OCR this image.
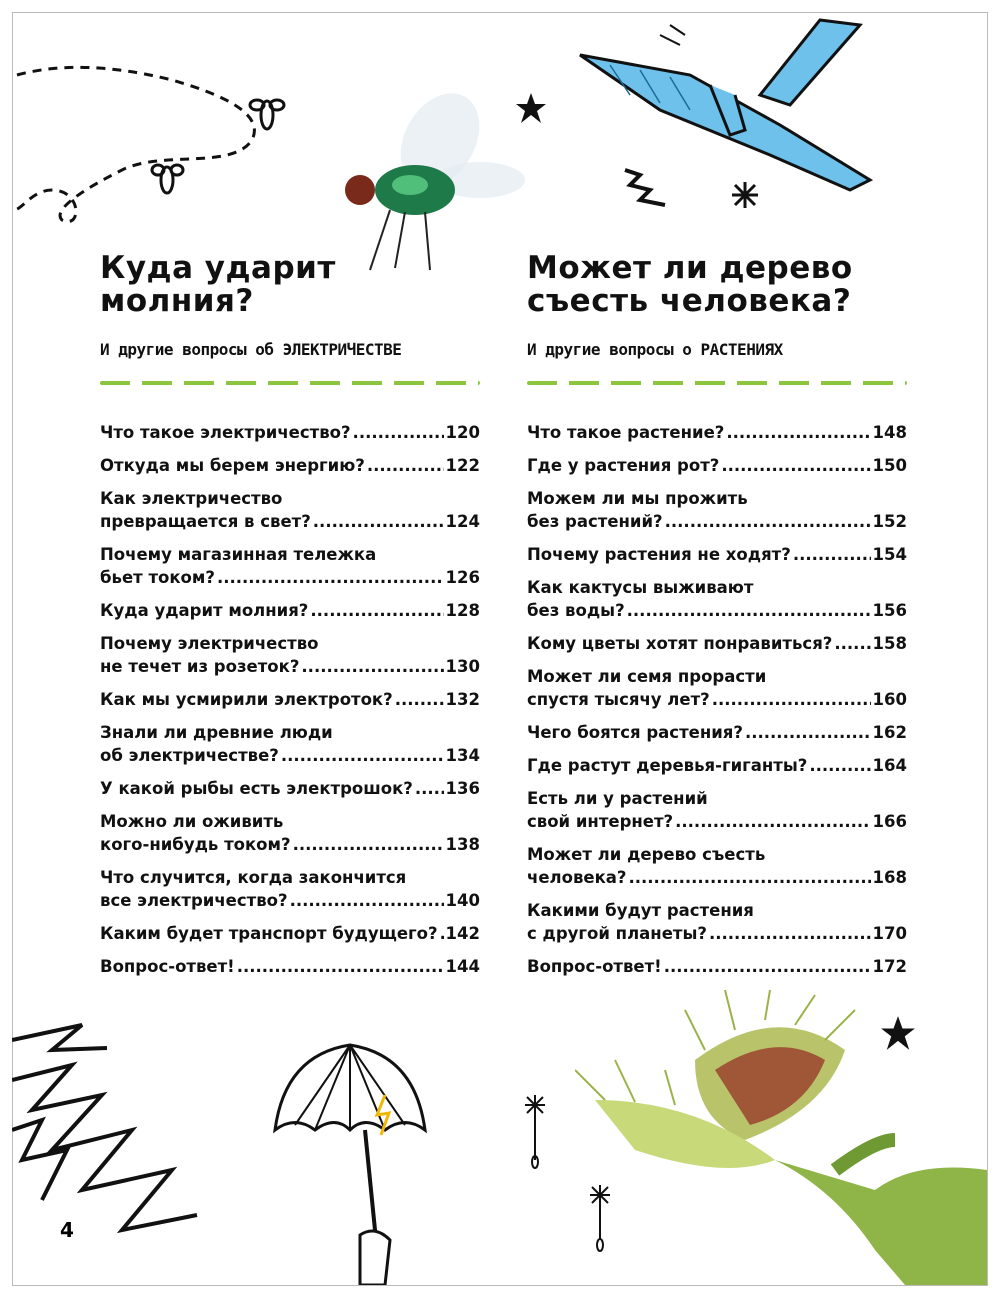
Куда ударит
молния?
И другие вопросы об ЭЛЕКТРИЧЕСТВЕ
Что такое электричество? .....	120
Откуда мы берем энергию? .....	122
Как электричество
превращается в свет? .....	124
Почему магазинная тележка
бьет током? .....	126
Куда ударит молния? .....	128
Почему электричество
не течет из розеток? .....	130
Как мы усмирили электроток? .....	132
Знали ли древние люди
об электричестве? .....	134
У какой рыбы есть электрошок? ..... 136
Можно ли оживить
кого-нибудь током? .....	138
Что случится, когда закончится
все электричество? .....	140
Каким будет транспорт будущего? ..... 142
Вопрос-ответ! .....	144
Может ли дерево
съесть человека?
И другие вопросы о РАСТЕНИЯХ
Что такое растение? .....	148
Где у растения рот? .....	150
Можем ли мы прожить
без растений? .....	152
Почему растения не ходят? .....	154
Как кактусы выживают
без воды? .....	156
Кому цветы хотят понравиться? ..... 158
Может ли семя прорасти
спустя тысячу лет? .....	160
Чего боятся растения? .....	162
Где растут деревья-гиганты? .....	164
Есть ли у растений
свой интернет? .....	166
Может ли дерево съесть
человека? .....	168
Какими будут растения
с другой планеты? .....	170
Вопрос-ответ! .....	172
4
